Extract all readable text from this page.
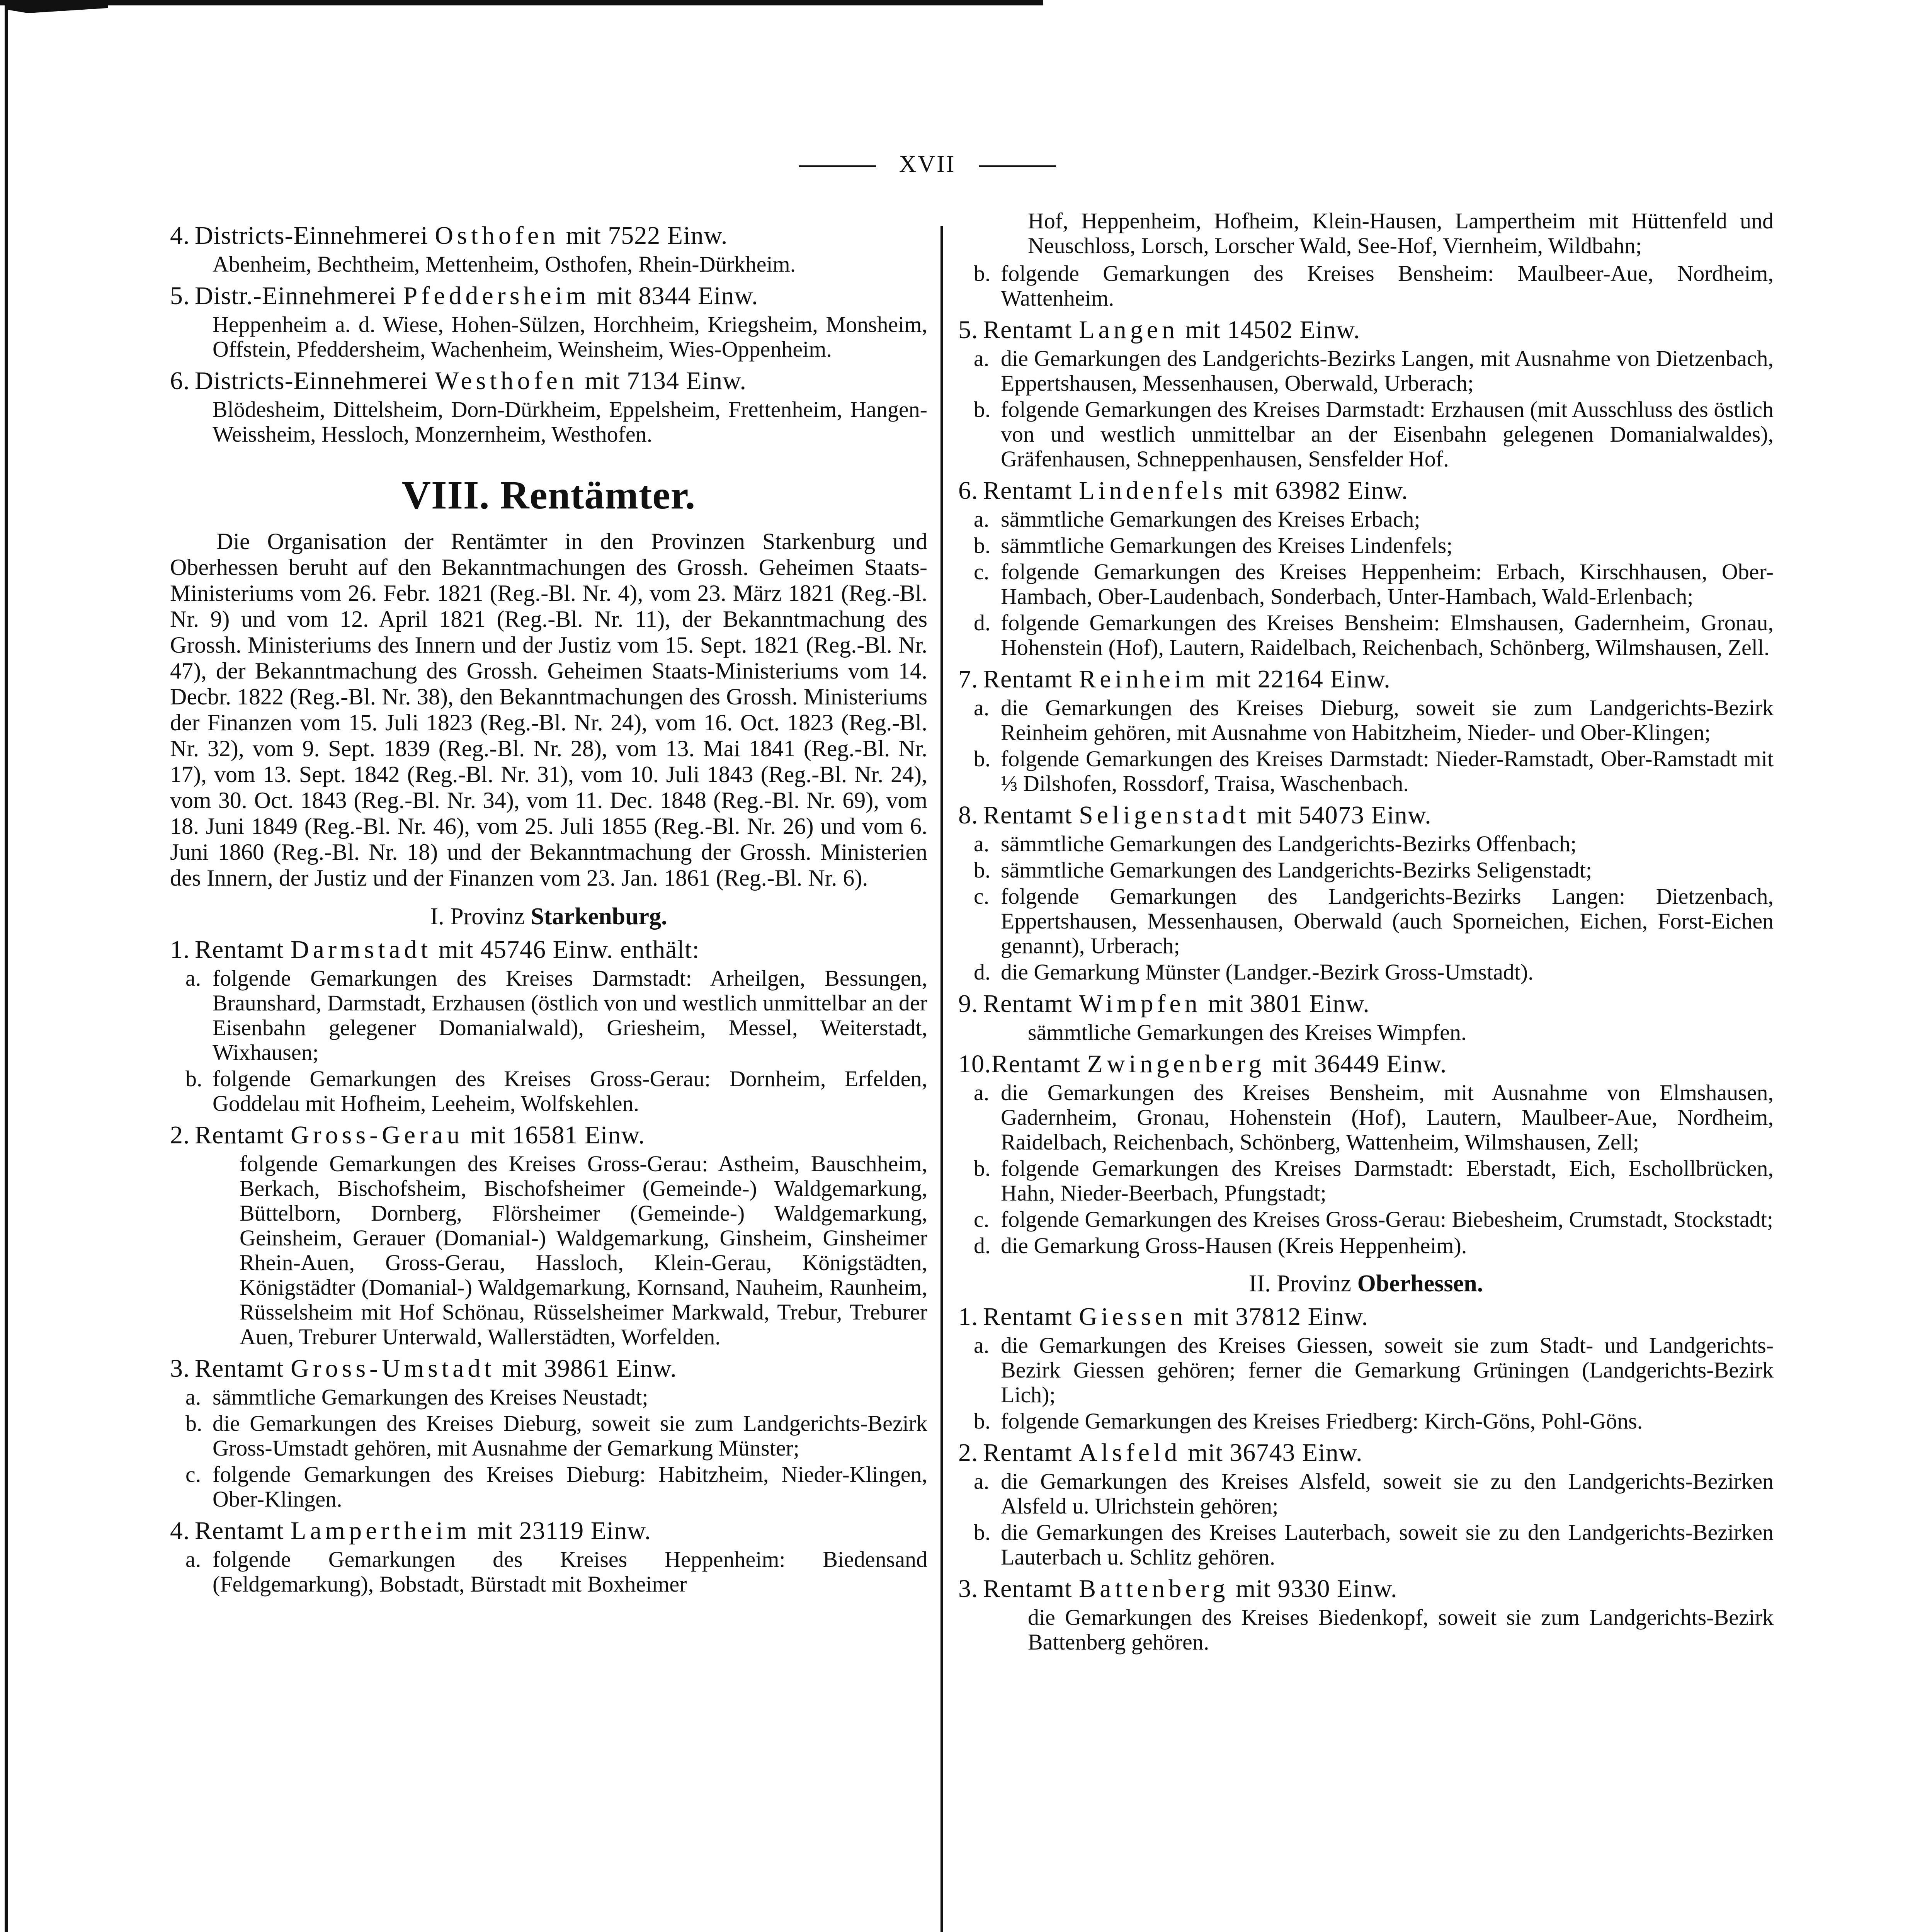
XVII
4. Districts-Einnehmerei Osthofen mit 7522 Einw.
Abenheim, Bechtheim, Mettenheim, Osthofen, Rhein-Dürkheim.
5. Distr.-Einnehmerei Pfeddersheim mit 8344 Einw.
Heppenheim a. d. Wiese, Hohen-Sülzen, Horchheim, Kriegsheim, Monsheim, Offstein, Pfeddersheim, Wachenheim, Weinsheim, Wies-Oppenheim.
6. Districts-Einnehmerei Westhofen mit 7134 Einw.
Blödesheim, Dittelsheim, Dorn-Dürkheim, Eppelsheim, Frettenheim, Hangen-Weissheim, Hessloch, Monzernheim, Westhofen.
VIII. Rentämter.
Die Organisation der Rentämter in den Provinzen Starkenburg und Oberhessen beruht auf den Bekanntmachungen des Grossh. Geheimen Staats-Ministeriums vom 26. Febr. 1821 (Reg.-Bl. Nr. 4), vom 23. März 1821 (Reg.-Bl. Nr. 9) und vom 12. April 1821 (Reg.-Bl. Nr. 11), der Bekanntmachung des Grossh. Ministeriums des Innern und der Justiz vom 15. Sept. 1821 (Reg.-Bl. Nr. 47), der Bekanntmachung des Grossh. Geheimen Staats-Ministeriums vom 14. Decbr. 1822 (Reg.-Bl. Nr. 38), den Bekanntmachungen des Grossh. Ministeriums der Finanzen vom 15. Juli 1823 (Reg.-Bl. Nr. 24), vom 16. Oct. 1823 (Reg.-Bl. Nr. 32), vom 9. Sept. 1839 (Reg.-Bl. Nr. 28), vom 13. Mai 1841 (Reg.-Bl. Nr. 17), vom 13. Sept. 1842 (Reg.-Bl. Nr. 31), vom 10. Juli 1843 (Reg.-Bl. Nr. 24), vom 30. Oct. 1843 (Reg.-Bl. Nr. 34), vom 11. Dec. 1848 (Reg.-Bl. Nr. 69), vom 18. Juni 1849 (Reg.-Bl. Nr. 46), vom 25. Juli 1855 (Reg.-Bl. Nr. 26) und vom 6. Juni 1860 (Reg.-Bl. Nr. 18) und der Bekanntmachung der Grossh. Ministerien des Innern, der Justiz und der Finanzen vom 23. Jan. 1861 (Reg.-Bl. Nr. 6).
I. Provinz Starkenburg.
1. Rentamt Darmstadt mit 45746 Einw. enthält:
a. folgende Gemarkungen des Kreises Darmstadt: Arheilgen, Bessungen, Braunshard, Darmstadt, Erzhausen (östlich von und westlich unmittelbar an der Eisenbahn gelegener Domanialwald), Griesheim, Messel, Weiterstadt, Wixhausen;
b. folgende Gemarkungen des Kreises Gross-Gerau: Dornheim, Erfelden, Goddelau mit Hofheim, Leeheim, Wolfskehlen.
2. Rentamt Gross-Gerau mit 16581 Einw.
folgende Gemarkungen des Kreises Gross-Gerau: Astheim, Bauschheim, Berkach, Bischofsheim, Bischofsheimer (Gemeinde-) Waldgemarkung, Büttelborn, Dornberg, Flörsheimer (Gemeinde-) Waldgemarkung, Geinsheim, Gerauer (Domanial-) Waldgemarkung, Ginsheim, Ginsheimer Rhein-Auen, Gross-Gerau, Hassloch, Klein-Gerau, Königstädten, Königstädter (Domanial-) Waldgemarkung, Kornsand, Nauheim, Raunheim, Rüsselsheim mit Hof Schönau, Rüsselsheimer Markwald, Trebur, Treburer Auen, Treburer Unterwald, Wallerstädten, Worfelden.
3. Rentamt Gross-Umstadt mit 39861 Einw.
a. sämmtliche Gemarkungen des Kreises Neustadt;
b. die Gemarkungen des Kreises Dieburg, soweit sie zum Landgerichts-Bezirk Gross-Umstadt gehören, mit Ausnahme der Gemarkung Münster;
c. folgende Gemarkungen des Kreises Dieburg: Habitzheim, Nieder-Klingen, Ober-Klingen.
4. Rentamt Lampertheim mit 23119 Einw.
a. folgende Gemarkungen des Kreises Heppenheim: Biedensand (Feldgemarkung), Bobstadt, Bürstadt mit Boxheimer
Hof, Heppenheim, Hofheim, Klein-Hausen, Lampertheim mit Hüttenfeld und Neuschloss, Lorsch, Lorscher Wald, See-Hof, Viernheim, Wildbahn;
b. folgende Gemarkungen des Kreises Bensheim: Maulbeer-Aue, Nordheim, Wattenheim.
5. Rentamt Langen mit 14502 Einw.
a. die Gemarkungen des Landgerichts-Bezirks Langen, mit Ausnahme von Dietzenbach, Eppertshausen, Messenhausen, Oberwald, Urberach;
b. folgende Gemarkungen des Kreises Darmstadt: Erzhausen (mit Ausschluss des östlich von und westlich unmittelbar an der Eisenbahn gelegenen Domanialwaldes), Gräfenhausen, Schneppenhausen, Sensfelder Hof.
6. Rentamt Lindenfels mit 63982 Einw.
a. sämmtliche Gemarkungen des Kreises Erbach;
b. sämmtliche Gemarkungen des Kreises Lindenfels;
c. folgende Gemarkungen des Kreises Heppenheim: Erbach, Kirschhausen, Ober-Hambach, Ober-Laudenbach, Sonderbach, Unter-Hambach, Wald-Erlenbach;
d. folgende Gemarkungen des Kreises Bensheim: Elmshausen, Gadernheim, Gronau, Hohenstein (Hof), Lautern, Raidelbach, Reichenbach, Schönberg, Wilmshausen, Zell.
7. Rentamt Reinheim mit 22164 Einw.
a. die Gemarkungen des Kreises Dieburg, soweit sie zum Landgerichts-Bezirk Reinheim gehören, mit Ausnahme von Habitzheim, Nieder- und Ober-Klingen;
b. folgende Gemarkungen des Kreises Darmstadt: Nieder-Ramstadt, Ober-Ramstadt mit ⅓ Dilshofen, Rossdorf, Traisa, Waschenbach.
8. Rentamt Seligenstadt mit 54073 Einw.
a. sämmtliche Gemarkungen des Landgerichts-Bezirks Offenbach;
b. sämmtliche Gemarkungen des Landgerichts-Bezirks Seligenstadt;
c. folgende Gemarkungen des Landgerichts-Bezirks Langen: Dietzenbach, Eppertshausen, Messenhausen, Oberwald (auch Sporneichen, Eichen, Forst-Eichen genannt), Urberach;
d. die Gemarkung Münster (Landger.-Bezirk Gross-Umstadt).
9. Rentamt Wimpfen mit 3801 Einw.
sämmtliche Gemarkungen des Kreises Wimpfen.
10.Rentamt Zwingenberg mit 36449 Einw.
a. die Gemarkungen des Kreises Bensheim, mit Ausnahme von Elmshausen, Gadernheim, Gronau, Hohenstein (Hof), Lautern, Maulbeer-Aue, Nordheim, Raidelbach, Reichenbach, Schönberg, Wattenheim, Wilmshausen, Zell;
b. folgende Gemarkungen des Kreises Darmstadt: Eberstadt, Eich, Eschollbrücken, Hahn, Nieder-Beerbach, Pfungstadt;
c. folgende Gemarkungen des Kreises Gross-Gerau: Biebesheim, Crumstadt, Stockstadt;
d. die Gemarkung Gross-Hausen (Kreis Heppenheim).
II. Provinz Oberhessen.
1. Rentamt Giessen mit 37812 Einw.
a. die Gemarkungen des Kreises Giessen, soweit sie zum Stadt- und Landgerichts-Bezirk Giessen gehören; ferner die Gemarkung Grüningen (Landgerichts-Bezirk Lich);
b. folgende Gemarkungen des Kreises Friedberg: Kirch-Göns, Pohl-Göns.
2. Rentamt Alsfeld mit 36743 Einw.
a. die Gemarkungen des Kreises Alsfeld, soweit sie zu den Landgerichts-Bezirken Alsfeld u. Ulrichstein gehören;
b. die Gemarkungen des Kreises Lauterbach, soweit sie zu den Landgerichts-Bezirken Lauterbach u. Schlitz gehören.
3. Rentamt Battenberg mit 9330 Einw.
die Gemarkungen des Kreises Biedenkopf, soweit sie zum Landgerichts-Bezirk Battenberg gehören.
